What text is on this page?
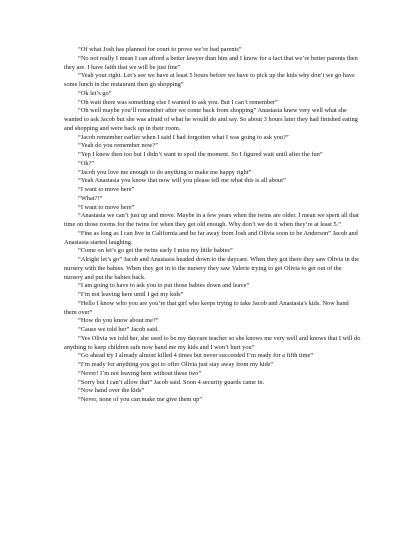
“Of what Josh has planned for court to prove we’re bad parents”

“No not really I mean I can afford a better lawyer than him and I know for a fact that we’re better parents then they are. I have faith that we will be just fine”

“Yeah your right. Let’s see we have at least 5 hours before we have to pick up the kids why don’t we go have some lunch in the restaurant then go shopping”

“Ok let’s go”

“Oh wait there was something else I wanted to ask you. But I can’t remember”

“Oh well maybe you’ll remember after we come back from shopping” Anastasia knew very well what she wanted to ask Jacob but she was afraid of what he would do and say. So about 3 hours later they had finished eating and shopping and were back up in their room.

“Jacob remember earlier when I said I had forgotten what I was going to ask you?”

“Yeah do you remember now?”

“Yep I knew then too but I didn’t want to spoil the moment. So I figured wait until after the fun”

“Ok?”

“Jacob you love me enough to do anything to make me happy right”

“Yeah Anastasia you know that now will you please tell me what this is all about”

“I want to move here”

“What?!”

“I want to move here”

“Anastasia we can’t just up and move. Maybe in a few years when the twins are older. I mean we spent all that time on those rooms for the twins for when they get old enough. Why don’t we do it when they’re at least 5.”

“Fine as long as I can live in California and be far away from Josh and Olivia soon to be Anderson” Jacob and Anastasia started laughing.

“Come on let’s go get the twins early I miss my little babies”

“Alright let’s go” Jacob and Anastasia headed down to the daycare. When they got there they saw Olivia in the nursery with the babies. When they got in to the nursery they saw Valerie trying to get Olivia to get out of the nursery and put the babies back.

“I am going to have to ask you to put those babies down and leave”

“I’m not leaving here until I get my kids”

“Hello I know who you are you’re that girl who keeps trying to take Jacob and Anastasia's kids. Now hand them over”

“How do you know about me?”

“Cause we told her” Jacob said.

“Yes Olivia we told her, she used to be my daycare teacher so she knows me very well and knows that I will do anything to keep children safe now hand me my kids and I won’t hurt you”

“Go ahead try I already almost killed 4 times but never succeeded I’m ready for a fifth time”

“I’m ready for anything you got to offer Olivia just stay away from my kids”

“Never! I’m not leaving here without these two”

“Sorry but I can’t allow that” Jacob said. Soon 4 security guards came in.

“Now hand over the kids”

“Never, none of you can make me give them up”
